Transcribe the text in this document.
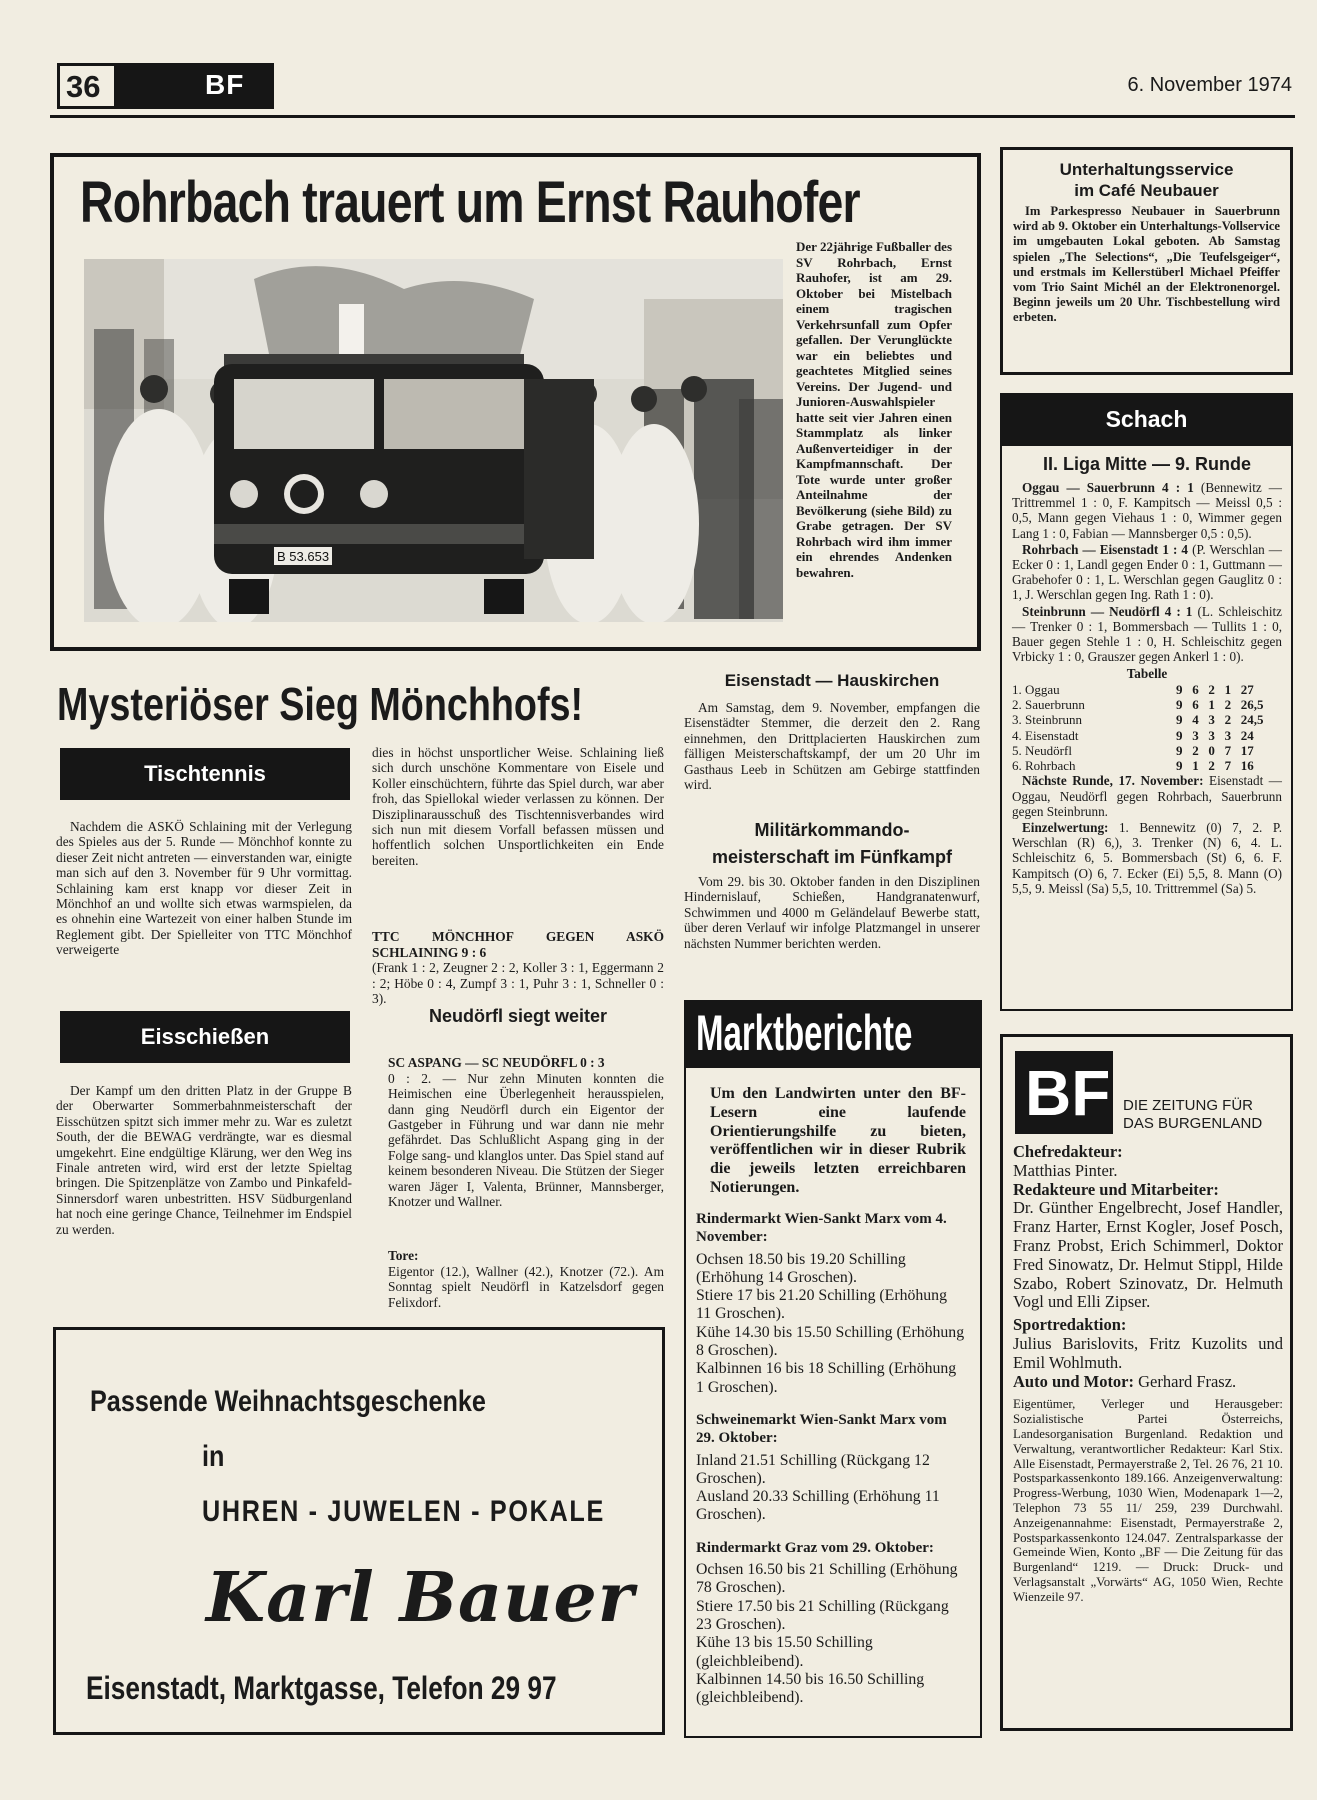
36	BF	6. November 1974
Rohrbach trauert um Ernst Rauhofer
B 53.653
Der 22jährige Fußballer des SV Rohrbach, Ernst Rauhofer, ist am 29. Oktober bei Mistelbach einem tragischen Verkehrsunfall zum Opfer gefallen. Der Verunglückte war ein beliebtes und geachtetes Mitglied seines Vereins. Der Jugend- und Junioren-Auswahlspieler hatte seit vier Jahren einen Stammplatz als linker Außenverteidiger in der Kampfmannschaft. Der Tote wurde unter großer Anteilnahme der Bevölkerung (siehe Bild) zu Grabe getragen. Der SV Rohrbach wird ihm immer ein ehrendes Andenken bewahren.
Mysteriöser Sieg Mönchhofs!
Tischtennis
Nachdem die ASKÖ Schlaining mit der Verlegung des Spieles aus der 5. Runde — Mönchhof konnte zu dieser Zeit nicht antreten — einverstanden war, einigte man sich auf den 3. November für 9 Uhr vormittag. Schlaining kam erst knapp vor dieser Zeit in Mönchhof an und wollte sich etwas warmspielen, da es ohnehin eine Wartezeit von einer halben Stunde im Reglement gibt. Der Spielleiter von TTC Mönchhof verweigerte
dies in höchst unsportlicher Weise. Schlaining ließ sich durch unschöne Kommentare von Eisele und Koller einschüchtern, führte das Spiel durch, war aber froh, das Spiellokal wieder verlassen zu können. Der Disziplinarausschuß des Tischtennisverbandes wird sich nun mit diesem Vorfall befassen müssen und hoffentlich solchen Unsportlichkeiten ein Ende bereiten.

TTC MÖNCHHOF GEGEN ASKÖ SCHLAINING 9 : 6
(Frank 1 : 2, Zeugner 2 : 2, Koller 3 : 1, Eggermann 2 : 2; Höbe 0 : 4, Zumpf 3 : 1, Puhr 3 : 1, Schneller 0 : 3).

Eisschießen
Der Kampf um den dritten Platz in der Gruppe B der Oberwarter Sommerbahnmeisterschaft der Eisschützen spitzt sich immer mehr zu. War es zuletzt South, der die BEWAG verdrängte, war es diesmal umgekehrt. Eine endgültige Klärung, wer den Weg ins Finale antreten wird, wird erst der letzte Spieltag bringen. Die Spitzenplätze von Zambo und Pinkafeld-Sinnersdorf waren unbestritten. HSV Südburgenland hat noch eine geringe Chance, Teilnehmer im Endspiel zu werden.
Neudörfl siegt weiter

SC ASPANG — SC NEUDÖRFL 0 : 3
0 : 2. — Nur zehn Minuten konnten die Heimischen eine Überlegenheit herausspielen, dann ging Neudörfl durch ein Eigentor der Gastgeber in Führung und war dann nie mehr gefährdet. Das Schlußlicht Aspang ging in der Folge sang- und klanglos unter. Das Spiel stand auf keinem besonderen Niveau. Die Stützen der Sieger waren Jäger I, Valenta, Brünner, Mannsberger, Knotzer und Wallner.

Tore:
Eigentor (12.), Wallner (42.), Knotzer (72.). Am Sonntag spielt Neudörfl in Katzelsdorf gegen Felixdorf.

Eisenstadt — Hauskirchen
Am Samstag, dem 9. November, empfangen die Eisenstädter Stemmer, die derzeit den 2. Rang einnehmen, den Drittplacierten Hauskirchen zum fälligen Meisterschaftskampf, der um 20 Uhr im Gasthaus Leeb in Schützen am Gebirge stattfinden wird.
Militärkommando-
meisterschaft im Fünfkampf
Vom 29. bis 30. Oktober fanden in den Disziplinen Hindernislauf, Schießen, Handgranatenwurf, Schwimmen und 4000 m Geländelauf Bewerbe statt, über deren Verlauf wir infolge Platzmangel in unserer nächsten Nummer berichten werden.
Marktberichte
Um den Landwirten unter den BF-Lesern eine laufende Orientierungshilfe zu bieten, veröffentlichen wir in dieser Rubrik die jeweils letzten erreichbaren Notierungen.
Rindermarkt Wien-Sankt Marx vom 4. November:
Ochsen 18.50 bis 19.20 Schilling (Erhöhung 14 Groschen).
Stiere 17 bis 21.20 Schilling (Erhöhung 11 Groschen).
Kühe 14.30 bis 15.50 Schilling (Erhöhung 8 Groschen).
Kalbinnen 16 bis 18 Schilling (Erhöhung 1 Groschen).
Schweinemarkt Wien-Sankt Marx vom 29. Oktober:
Inland 21.51 Schilling (Rückgang 12 Groschen).
Ausland 20.33 Schilling (Erhöhung 11 Groschen).
Rindermarkt Graz vom 29. Oktober:
Ochsen 16.50 bis 21 Schilling (Erhöhung 78 Groschen).
Stiere 17.50 bis 21 Schilling (Rückgang 23 Groschen).
Kühe 13 bis 15.50 Schilling (gleichbleibend).
Kalbinnen 14.50 bis 16.50 Schilling (gleichbleibend).
Unterhaltungsservice
im Café Neubauer
Im Parkespresso Neubauer in Sauerbrunn wird ab 9. Oktober ein Unterhaltungs-Vollservice im umgebauten Lokal geboten. Ab Samstag spielen „The Selections“, „Die Teufelsgeiger“, und erstmals im Kellerstüberl Michael Pfeiffer vom Trio Saint Michél an der Elektronenorgel. Beginn jeweils um 20 Uhr. Tischbestellung wird erbeten.
Schach
II. Liga Mitte — 9. Runde
Oggau — Sauerbrunn 4 : 1 (Bennewitz — Trittremmel 1 : 0, F. Kampitsch — Meissl 0,5 : 0,5, Mann gegen Viehaus 1 : 0, Wimmer gegen Lang 1 : 0, Fabian — Mannsberger 0,5 : 0,5).
Rohrbach — Eisenstadt 1 : 4 (P. Werschlan — Ecker 0 : 1, Landl gegen Ender 0 : 1, Guttmann — Grabehofer 0 : 1, L. Werschlan gegen Gauglitz 0 : 1, J. Werschlan gegen Ing. Rath 1 : 0).
Steinbrunn — Neudörfl 4 : 1 (L. Schleischitz — Trenker 0 : 1, Bommersbach — Tullits 1 : 0, Bauer gegen Stehle 1 : 0, H. Schleischitz gegen Vrbicky 1 : 0, Grauszer gegen Ankerl 1 : 0).
Tabelle
1. Oggau	9	6	2	1	27
2. Sauerbrunn	9	6	1	2	26,5
3. Steinbrunn	9	4	3	2	24,5
4. Eisenstadt	9	3	3	3	24
5. Neudörfl	9	2	0	7	17
6. Rohrbach	9	1	2	7	16
Nächste Runde, 17. November: Eisenstadt — Oggau, Neudörfl gegen Rohrbach, Sauerbrunn gegen Steinbrunn.
Einzelwertung: 1. Bennewitz (0) 7, 2. P. Werschlan (R) 6,), 3. Trenker (N) 6, 4. L. Schleischitz 6, 5. Bommersbach (St) 6, 6. F. Kampitsch (O) 6, 7. Ecker (Ei) 5,5, 8. Mann (O) 5,5, 9. Meissl (Sa) 5,5, 10. Trittremmel (Sa) 5.
BF DIE ZEITUNG FÜR
DAS BURGENLAND
Chefredakteur:
Matthias Pinter.
Redakteure und Mitarbeiter:
Dr. Günther Engelbrecht, Josef Handler, Franz Harter, Ernst Kogler, Josef Posch, Franz Probst, Erich Schimmerl, Doktor Fred Sinowatz, Dr. Helmut Stippl, Hilde Szabo, Robert Szinovatz, Dr. Helmuth Vogl und Elli Zipser.
Sportredaktion:
Julius Barislovits, Fritz Kuzolits und Emil Wohlmuth.
Auto und Motor: Gerhard Frasz.
Eigentümer, Verleger und Herausgeber: Sozialistische Partei Österreichs, Landesorganisation Burgenland. Redaktion und Verwaltung, verantwortlicher Redakteur: Karl Stix. Alle Eisenstadt, Permayerstraße 2, Tel. 26 76, 21 10. Postsparkassenkonto 189.166. Anzeigenverwaltung: Progress-Werbung, 1030 Wien, Modenapark 1—2, Telephon 73 55 11/ 259, 239 Durchwahl. Anzeigenannahme: Eisenstadt, Permayerstraße 2, Postsparkassenkonto 124.047. Zentralsparkasse der Gemeinde Wien, Konto „BF — Die Zeitung für das Burgenland“ 1219. — Druck: Druck- und Verlagsanstalt „Vorwärts“ AG, 1050 Wien, Rechte Wienzeile 97.
Passende Weihnachtsgeschenke
in
UHREN - JUWELEN - POKALE
Karl Bauer
Eisenstadt, Marktgasse, Telefon 29 97
